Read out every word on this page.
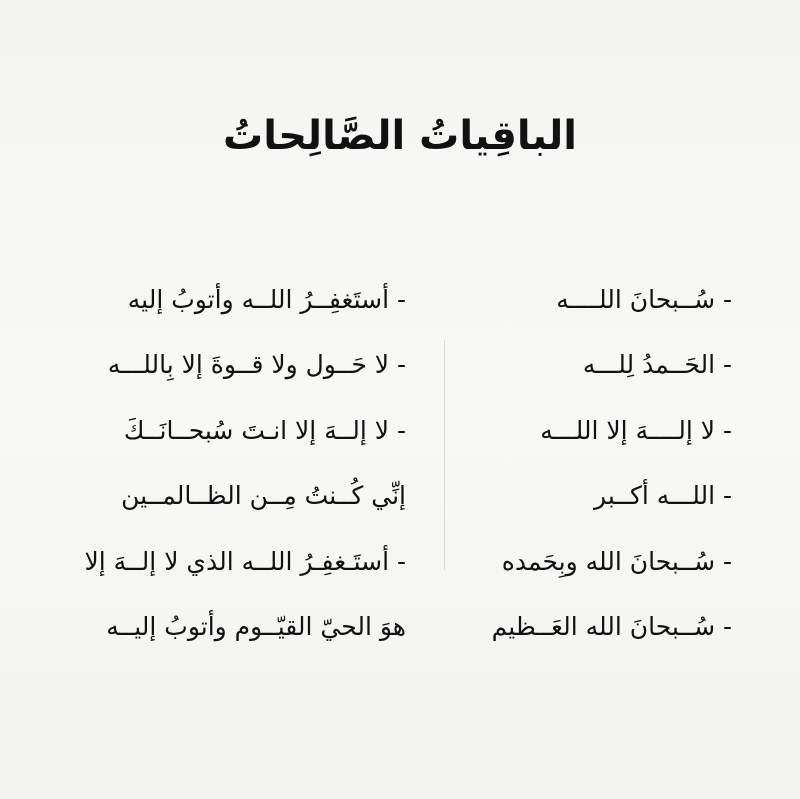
الباقِياتُ الصَّالِحاتُ
- سُــبحانَ اللــــه
- الحَــمدُ لِلـــه
- لا إلــــهَ إلا اللـــه
- اللـــه أكــبر
- سُــبحانَ الله وبِحَمده
- سُــبحانَ الله العَــظيم
- أستَغفِــرُ اللــه وأتوبُ إليه
- لا حَــول ولا قــوةَ إلا بِاللـــه
- لا إلــهَ إلا انـتَ سُبحــانَــكَ
إنِّي كُــنتُ مِــن الظــالمــين
- أستَـغفِـرُ اللــه الذي لا إلــهَ إلا
هوَ الحيّ القيّــوم وأتوبُ إليــه
